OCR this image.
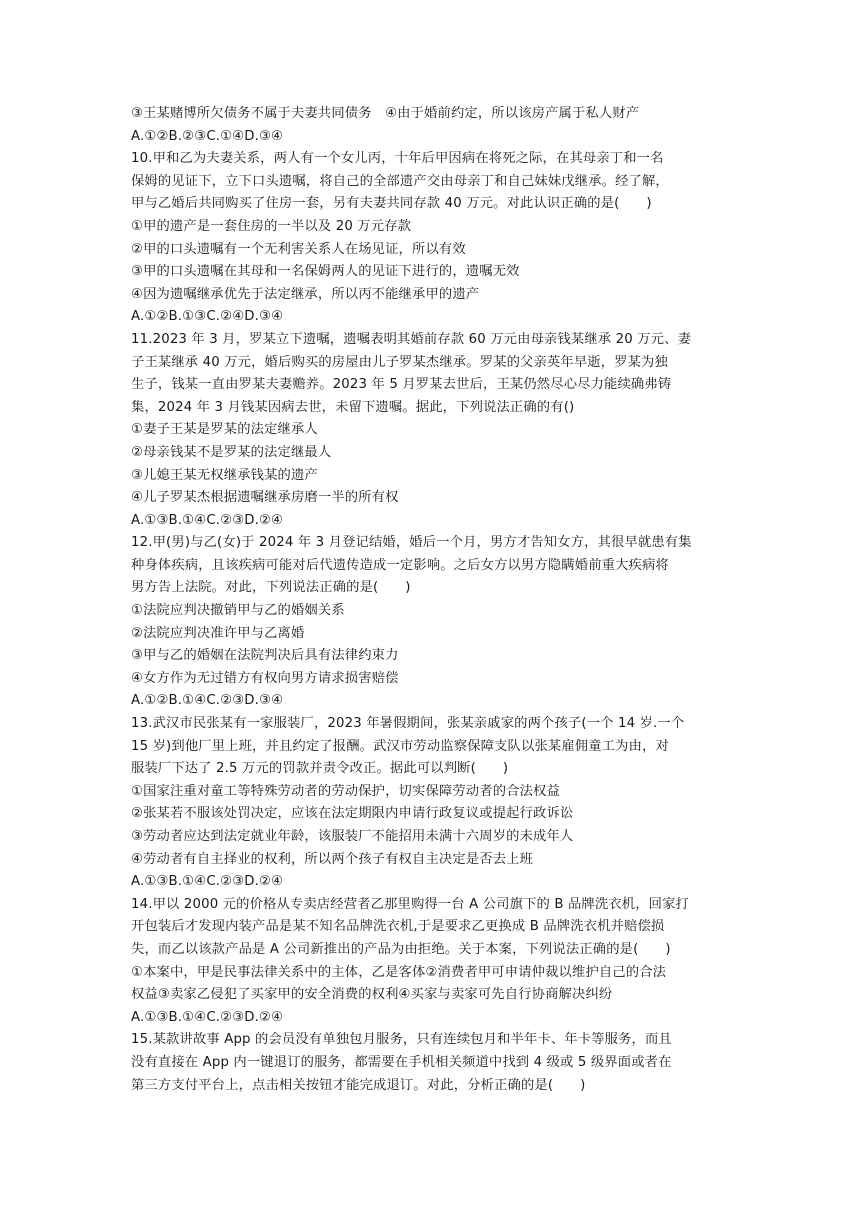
③王某赌博所欠债务不属于夫妻共同债务　④由于婚前约定，所以该房产属于私人财产
A.①②B.②③C.①④D.③④
10.甲和乙为夫妻关系，两人有一个女儿丙，十年后甲因病在将死之际，在其母亲丁和一名
保姆的见证下，立下口头遗嘱，将自己的全部遗产交由母亲丁和自己妹妹戊继承。经了解，
甲与乙婚后共同购买了住房一套，另有夫妻共同存款 40 万元。对此认识正确的是(　　)
①甲的遗产是一套住房的一半以及 20 万元存款
②甲的口头遗嘱有一个无利害关系人在场见证，所以有效
③甲的口头遗嘱在其母和一名保姆两人的见证下进行的，遗嘱无效
④因为遗嘱继承优先于法定继承，所以丙不能继承甲的遗产
A.①②B.①③C.②④D.③④
11.2023 年 3 月，罗某立下遗嘱，遗嘱表明其婚前存款 60 万元由母亲钱某继承 20 万元、妻
子王某继承 40 万元，婚后购买的房屋由儿子罗某杰继承。罗某的父亲英年早逝，罗某为独
生子，钱某一直由罗某夫妻赡养。2023 年 5 月罗某去世后，王某仍然尽心尽力能续确弗铸
集，2024 年 3 月钱某因病去世，未留下遗嘱。据此，下列说法正确的有()
①妻子王某是罗某的法定继承人
②母亲钱某不是罗某的法定继最人
③儿媳王某无权继承钱某的遗产
④儿子罗某杰根据遗嘱继承房磨一半的所有权
A.①③B.①④C.②③D.②④
12.甲(男)与乙(女)于 2024 年 3 月登记结婚，婚后一个月，男方才告知女方，其很早就患有集
种身体疾病，且该疾病可能对后代遗传造成一定影响。之后女方以男方隐瞒婚前重大疾病将
男方告上法院。对此，下列说法正确的是(　　)
①法院应判决撤销甲与乙的婚姻关系
②法院应判决准许甲与乙离婚
③甲与乙的婚姻在法院判决后具有法律约束力
④女方作为无过错方有权向男方请求损害赔偿
A.①②B.①④C.②③D.③④
13.武汉市民张某有一家服装厂，2023 年暑假期间，张某亲戚家的两个孩子(一个 14 岁.一个
15 岁)到他厂里上班，并且约定了报酬。武汉市劳动监察保障支队以张某雇佣童工为由，对
服装厂下达了 2.5 万元的罚款并责令改正。据此可以判断(　　)
①国家注重对童工等特殊劳动者的劳动保护，切实保障劳动者的合法权益
②张某若不服该处罚决定，应该在法定期限内申请行政复议或提起行政诉讼
③劳动者应达到法定就业年龄，该服装厂不能招用未满十六周岁的未成年人
④劳动者有自主择业的权利，所以两个孩子有权自主决定是否去上班
A.①③B.①④C.②③D.②④
14.甲以 2000 元的价格从专卖店经营者乙那里购得一台 A 公司旗下的 B 品牌洗衣机，回家打
开包装后才发现内装产品是某不知名品牌洗衣机,于是要求乙更换成 B 品牌洗衣机并赔偿损
失，而乙以该款产品是 A 公司新推出的产品为由拒绝。关于本案，下列说法正确的是(　　)
①本案中，甲是民事法律关系中的主体，乙是客体②消费者甲可申请仲裁以维护自己的合法
权益③卖家乙侵犯了买家甲的安全消费的权利④买家与卖家可先自行协商解决纠纷
A.①③B.①④C.②③D.②④
15.某款讲故事 App 的会员没有单独包月服务，只有连续包月和半年卡、年卡等服务，而且
没有直接在 App 内一键退订的服务，都需要在手机相关频道中找到 4 级或 5 级界面或者在
第三方支付平台上，点击相关按钮才能完成退订。对此，分析正确的是(　　)
